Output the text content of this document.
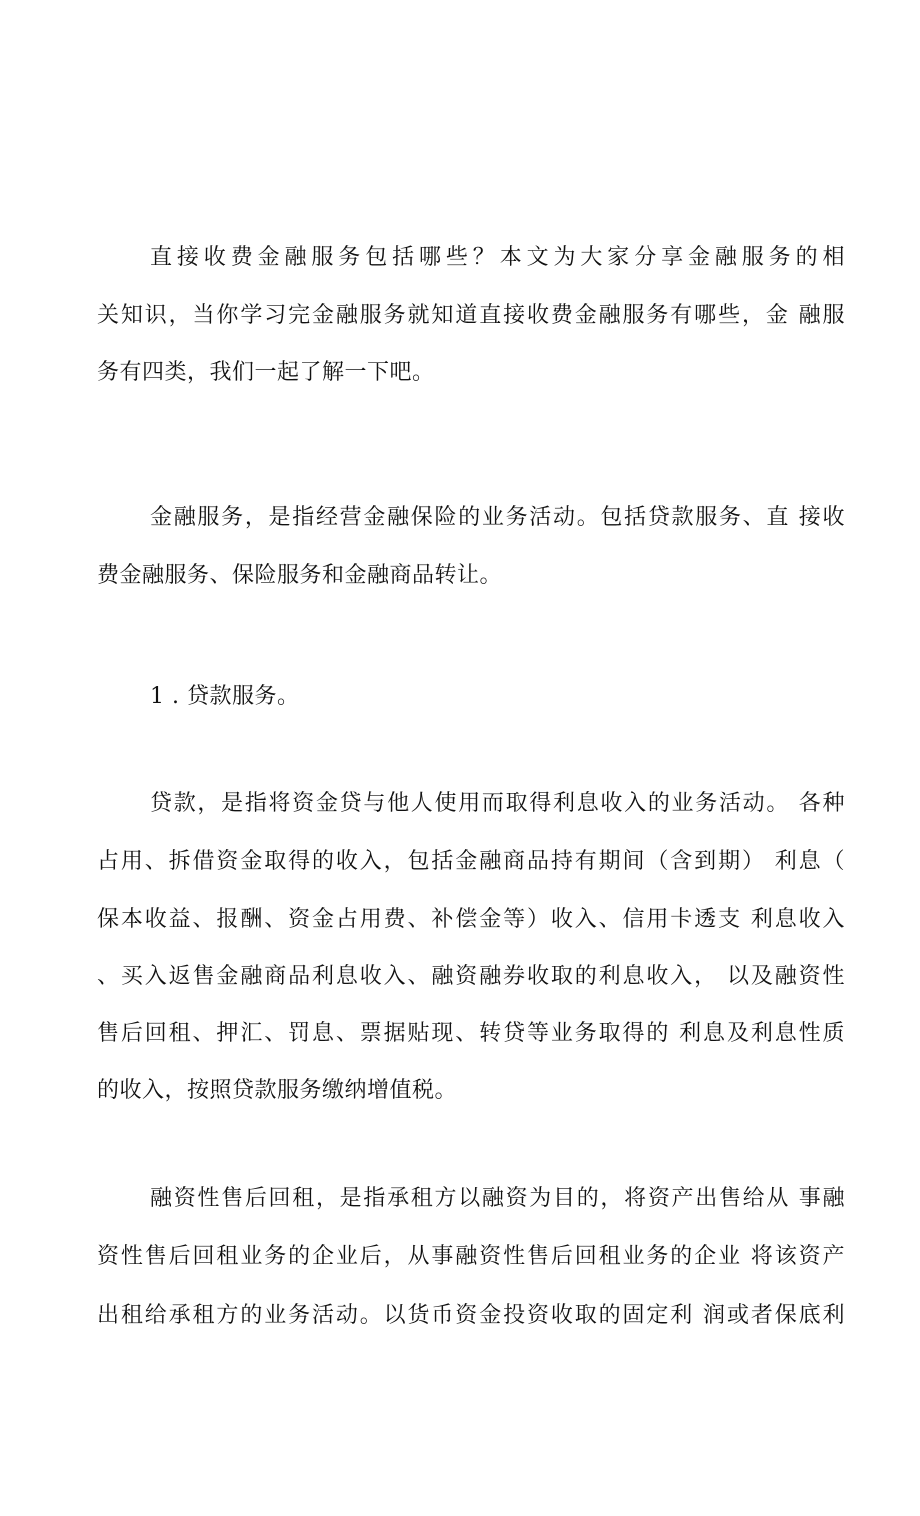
直接收费金融服务包括哪些？本文为大家分享金融服务的相
关知识，当你学习完金融服务就知道直接收费金融服务有哪些，金 融服
务有四类，我们一起了解一下吧。
金融服务，是指经营金融保险的业务活动。包括贷款服务、直 接收
费金融服务、保险服务和金融商品转让。
1 . 贷款服务。
贷款，是指将资金贷与他人使用而取得利息收入的业务活动。 各种
占用、拆借资金取得的收入，包括金融商品持有期间（含到期） 利息（
保本收益、报酬、资金占用费、补偿金等）收入、信用卡透支 利息收入
、买入返售金融商品利息收入、融资融券收取的利息收入， 以及融资性
售后回租、押汇、罚息、票据贴现、转贷等业务取得的 利息及利息性质
的收入，按照贷款服务缴纳增值税。
融资性售后回租，是指承租方以融资为目的，将资产出售给从 事融
资性售后回租业务的企业后，从事融资性售后回租业务的企业 将该资产
出租给承租方的业务活动。以货币资金投资收取的固定利 润或者保底利
